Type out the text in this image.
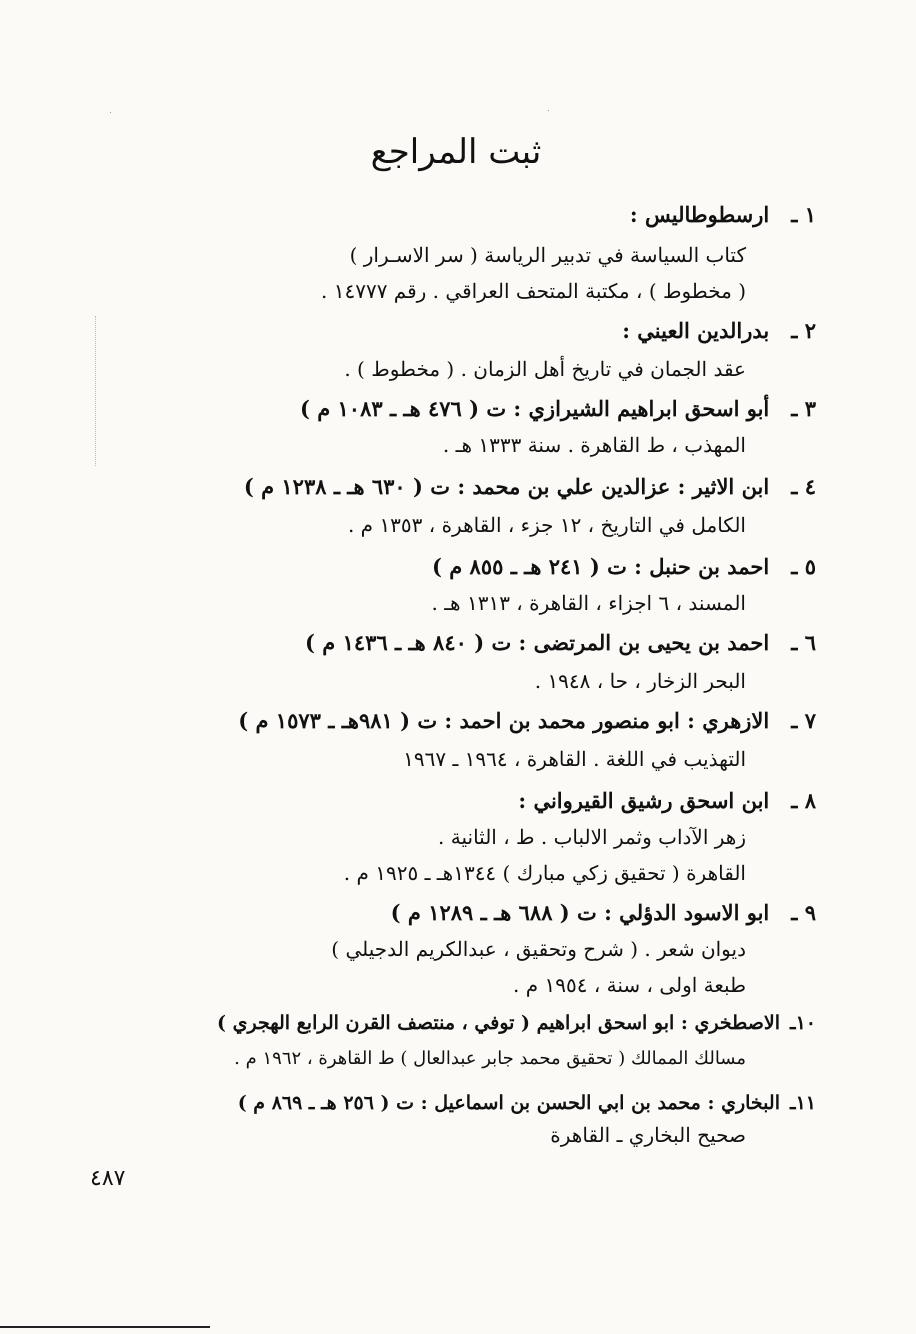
ثبت المراجع
١ ـارسطوطاليس :
كتاب السياسة في تدبير الرياسة ( سر الاسـرار )
( مخطوط ) ، مكتبة المتحف العراقي . رقم ١٤٧٧٧ .
٢ ـبدرالدين العيني :
عقد الجمان في تاريخ أهل الزمان . ( مخطوط ) .
٣ ـأبو اسحق ابراهيم الشيرازي : ت ( ٤٧٦ هـ ـ ١٠٨٣ م )
المهذب ، ط القاهرة . سنة ١٣٣٣ هـ .
٤ ـابن الاثير : عزالدين علي بن محمد : ت ( ٦٣٠ هـ ـ ١٢٣٨ م )
الكامل في التاريخ ، ١٢ جزء ، القاهرة ، ١٣٥٣ م .
٥ ـاحمد بن حنبل : ت ( ٢٤١ هـ ـ ٨٥٥ م )
المسند ، ٦ اجزاء ، القاهرة ، ١٣١٣ هـ .
٦ ـاحمد بن يحيى بن المرتضى : ت ( ٨٤٠ هـ ـ ١٤٣٦ م )
البحر الزخار ، حا ، ١٩٤٨ .
٧ ـالازهري : ابو منصور محمد بن احمد : ت ( ٩٨١هـ ـ ١٥٧٣ م )
التهذيب في اللغة . القاهرة ، ١٩٦٤ ـ ١٩٦٧
٨ ـابن اسحق رشيق القيرواني :
زهر الآداب وثمر الالباب . ط ، الثانية .
القاهرة ( تحقيق زكي مبارك ) ١٣٤٤هـ ـ ١٩٢٥ م .
٩ ـابو الاسود الدؤلي : ت ( ٦٨٨ هـ ـ ١٢٨٩ م )
ديوان شعر . ( شرح وتحقيق ، عبدالكريم الدجيلي )
طبعة اولى ، سنة ، ١٩٥٤ م .
١٠ـالاصطخري : ابو اسحق ابراهيم ( توفي ، منتصف القرن الرابع الهجري )
مسالك الممالك ( تحقيق محمد جابر عبدالعال ) ط القاهرة ، ١٩٦٢ م .
١١ـالبخاري : محمد بن ابي الحسن بن اسماعيل : ت ( ٢٥٦ هـ ـ ٨٦٩ م )
صحيح البخاري ـ القاهرة
٤٨٧
